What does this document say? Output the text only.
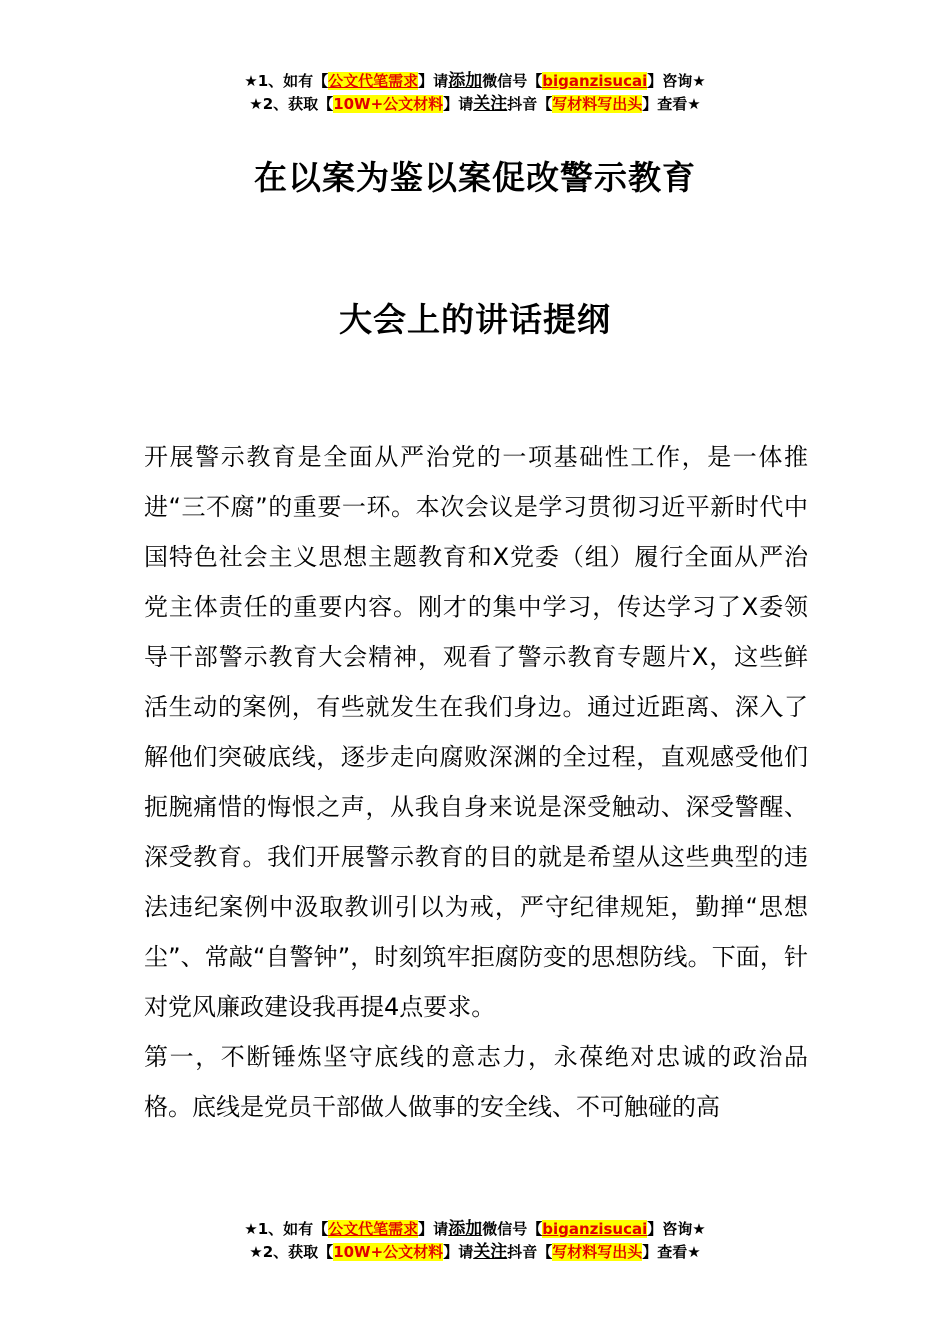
★1、如有【公文代笔需求】请添加微信号【biganzisucai】咨询★
★2、获取【10W+公文材料】请关注抖音【写材料写出头】查看★
在以案为鉴以案促改警示教育
大会上的讲话提纲

开展警示教育是全面从严治党的一项基础性工作，是一体推进“三不腐”的重要一环。本次会议是学习贯彻习近平新时代中国特色社会主义思想主题教育和X党委（组）履行全面从严治党主体责任的重要内容。刚才的集中学习，传达学习了X委领导干部警示教育大会精神，观看了警示教育专题片X，这些鲜活生动的案例，有些就发生在我们身边。通过近距离、深入了解他们突破底线，逐步走向腐败深渊的全过程，直观感受他们扼腕痛惜的悔恨之声，从我自身来说是深受触动、深受警醒、深受教育。我们开展警示教育的目的就是希望从这些典型的违法违纪案例中汲取教训引以为戒，严守纪律规矩，勤掸“思想尘”、常敲“自警钟”，时刻筑牢拒腐防变的思想防线。下面，针对党风廉政建设我再提4点要求。

第一，不断锤炼坚守底线的意志力，永葆绝对忠诚的政治品格。底线是党员干部做人做事的安全线、不可触碰的高

★1、如有【公文代笔需求】请添加微信号【biganzisucai】咨询★
★2、获取【10W+公文材料】请关注抖音【写材料写出头】查看★
